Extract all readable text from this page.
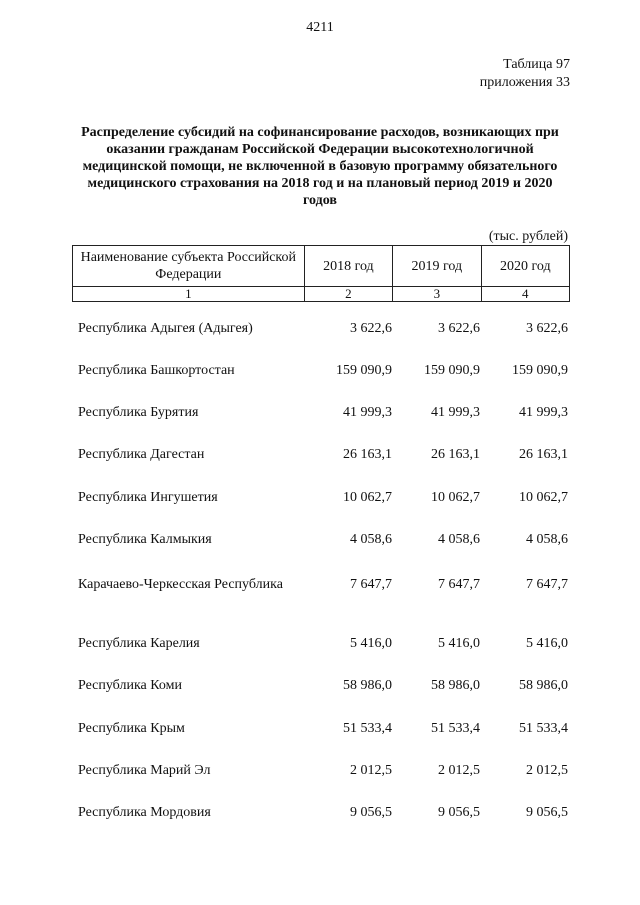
4211
Таблица 97
приложения 33
Распределение субсидий на софинансирование расходов, возникающих при оказании гражданам Российской Федерации высокотехнологичной медицинской помощи, не включенной в базовую программу обязательного медицинского страхования на 2018 год и на плановый период 2019 и 2020 годов
(тыс. рублей)
Наименование субъекта Российской Федерации	2018 год	2019 год	2020 год
1	2	3	4
Республика Адыгея (Адыгея)	3 622,6	3 622,6	3 622,6
Республика Башкортостан	159 090,9	159 090,9	159 090,9
Республика Бурятия	41 999,3	41 999,3	41 999,3
Республика Дагестан	26 163,1	26 163,1	26 163,1
Республика Ингушетия	10 062,7	10 062,7	10 062,7
Республика Калмыкия	4 058,6	4 058,6	4 058,6
Карачаево-Черкесская Республика	7 647,7	7 647,7	7 647,7
Республика Карелия	5 416,0	5 416,0	5 416,0
Республика Коми	58 986,0	58 986,0	58 986,0
Республика Крым	51 533,4	51 533,4	51 533,4
Республика Марий Эл	2 012,5	2 012,5	2 012,5
Республика Мордовия	9 056,5	9 056,5	9 056,5
